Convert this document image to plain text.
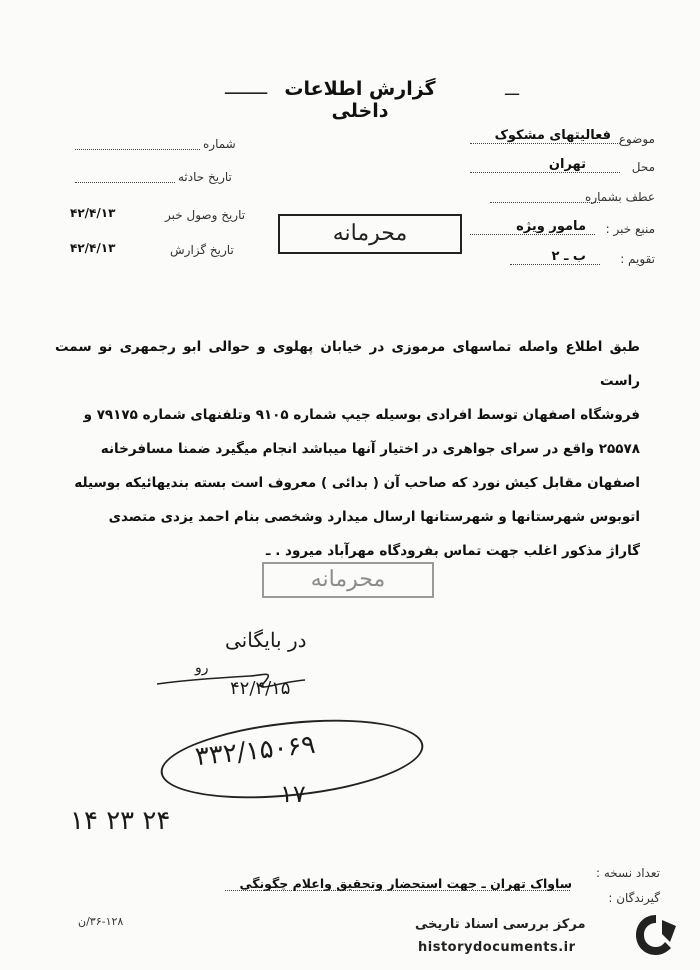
ــــــــ گزارش اطلاعات داخلی
ـــ
موضوع
فعالیتهای مشکوک
محل
تهران
عطف بشماره
منبع خبر :
مامور ویژه
تقویم :
ب ـ ۲
شماره
تاریخ حادثه
تاریخ وصول خبر
۴۲/۴/۱۳
تاریخ گزارش
۴۲/۴/۱۳
محرمانه
طبق اطلاع واصله تماسهای مرموزی در خیابان پهلوی و حوالی ابو رجمهری نو سمت راست
فروشگاه اصفهان توسط افرادی بوسیله جیپ شماره ۹۱۰۵ وتلفنهای شماره ۷۹۱۷۵ و
۲۵۵۷۸ واقع در سرای جواهری در اختیار آنها میباشد انجام میگیرد ضمنا مسافرخانه
اصفهان مقابل کیش نورد که صاحب آن ( بدائی ) معروف است بسته بندیهائیکه بوسیله
اتوبوس شهرستانها و شهرستانها ارسال میدارد وشخصی بنام احمد یزدی متصدی
گاراژ مذکور اغلب جهت تماس بفرودگاه مهرآباد میرود . ـ
محرمانه
در بایگانی
رو
۴۲/۴/۱۵
۳۳۲/۱۵۰۶۹
۱۷
۱۴ ۲۳ ۲۴
تعداد نسخه :
گیرندگان :
ساواک تهران ـ جهت استحضار وتحقیق واعلام چگونگی
۳۶-۱۲۸/ن	مرکز بررسی اسناد تاریخی
historydocuments.ir
